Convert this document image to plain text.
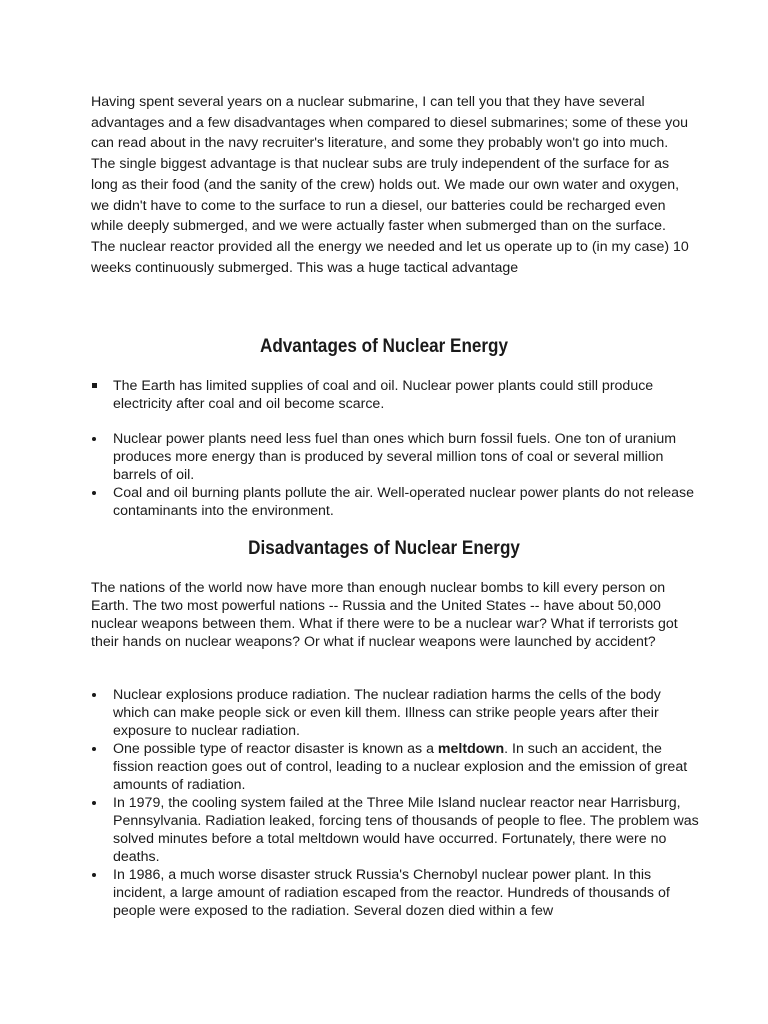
Having spent several years on a nuclear submarine, I can tell you that they have several advantages and a few disadvantages when compared to diesel submarines; some of these you can read about in the navy recruiter's literature, and some they probably won't go into much.

The single biggest advantage is that nuclear subs are truly independent of the surface for as long as their food (and the sanity of the crew) holds out. We made our own water and oxygen, we didn't have to come to the surface to run a diesel, our batteries could be recharged even while deeply submerged, and we were actually faster when submerged than on the surface. The nuclear reactor provided all the energy we needed and let us operate up to (in my case) 10 weeks continuously submerged. This was a huge tactical advantage

Advantages of Nuclear Energy
The Earth has limited supplies of coal and oil. Nuclear power plants could still produce electricity after coal and oil become scarce.
Nuclear power plants need less fuel than ones which burn fossil fuels. One ton of uranium produces more energy than is produced by several million tons of coal or several million barrels of oil.
Coal and oil burning plants pollute the air. Well-operated nuclear power plants do not release contaminants into the environment.
Disadvantages of Nuclear Energy

The nations of the world now have more than enough nuclear bombs to kill every person on Earth. The two most powerful nations -- Russia and the United States -- have about 50,000 nuclear weapons between them. What if there were to be a nuclear war? What if terrorists got their hands on nuclear weapons? Or what if nuclear weapons were launched by accident?

Nuclear explosions produce radiation. The nuclear radiation harms the cells of the body which can make people sick or even kill them. Illness can strike people years after their exposure to nuclear radiation.
One possible type of reactor disaster is known as a meltdown. In such an accident, the fission reaction goes out of control, leading to a nuclear explosion and the emission of great amounts of radiation.
In 1979, the cooling system failed at the Three Mile Island nuclear reactor near Harrisburg, Pennsylvania. Radiation leaked, forcing tens of thousands of people to flee. The problem was solved minutes before a total meltdown would have occurred. Fortunately, there were no deaths.
In 1986, a much worse disaster struck Russia's Chernobyl nuclear power plant. In this incident, a large amount of radiation escaped from the reactor. Hundreds of thousands of people were exposed to the radiation. Several dozen died within a few
